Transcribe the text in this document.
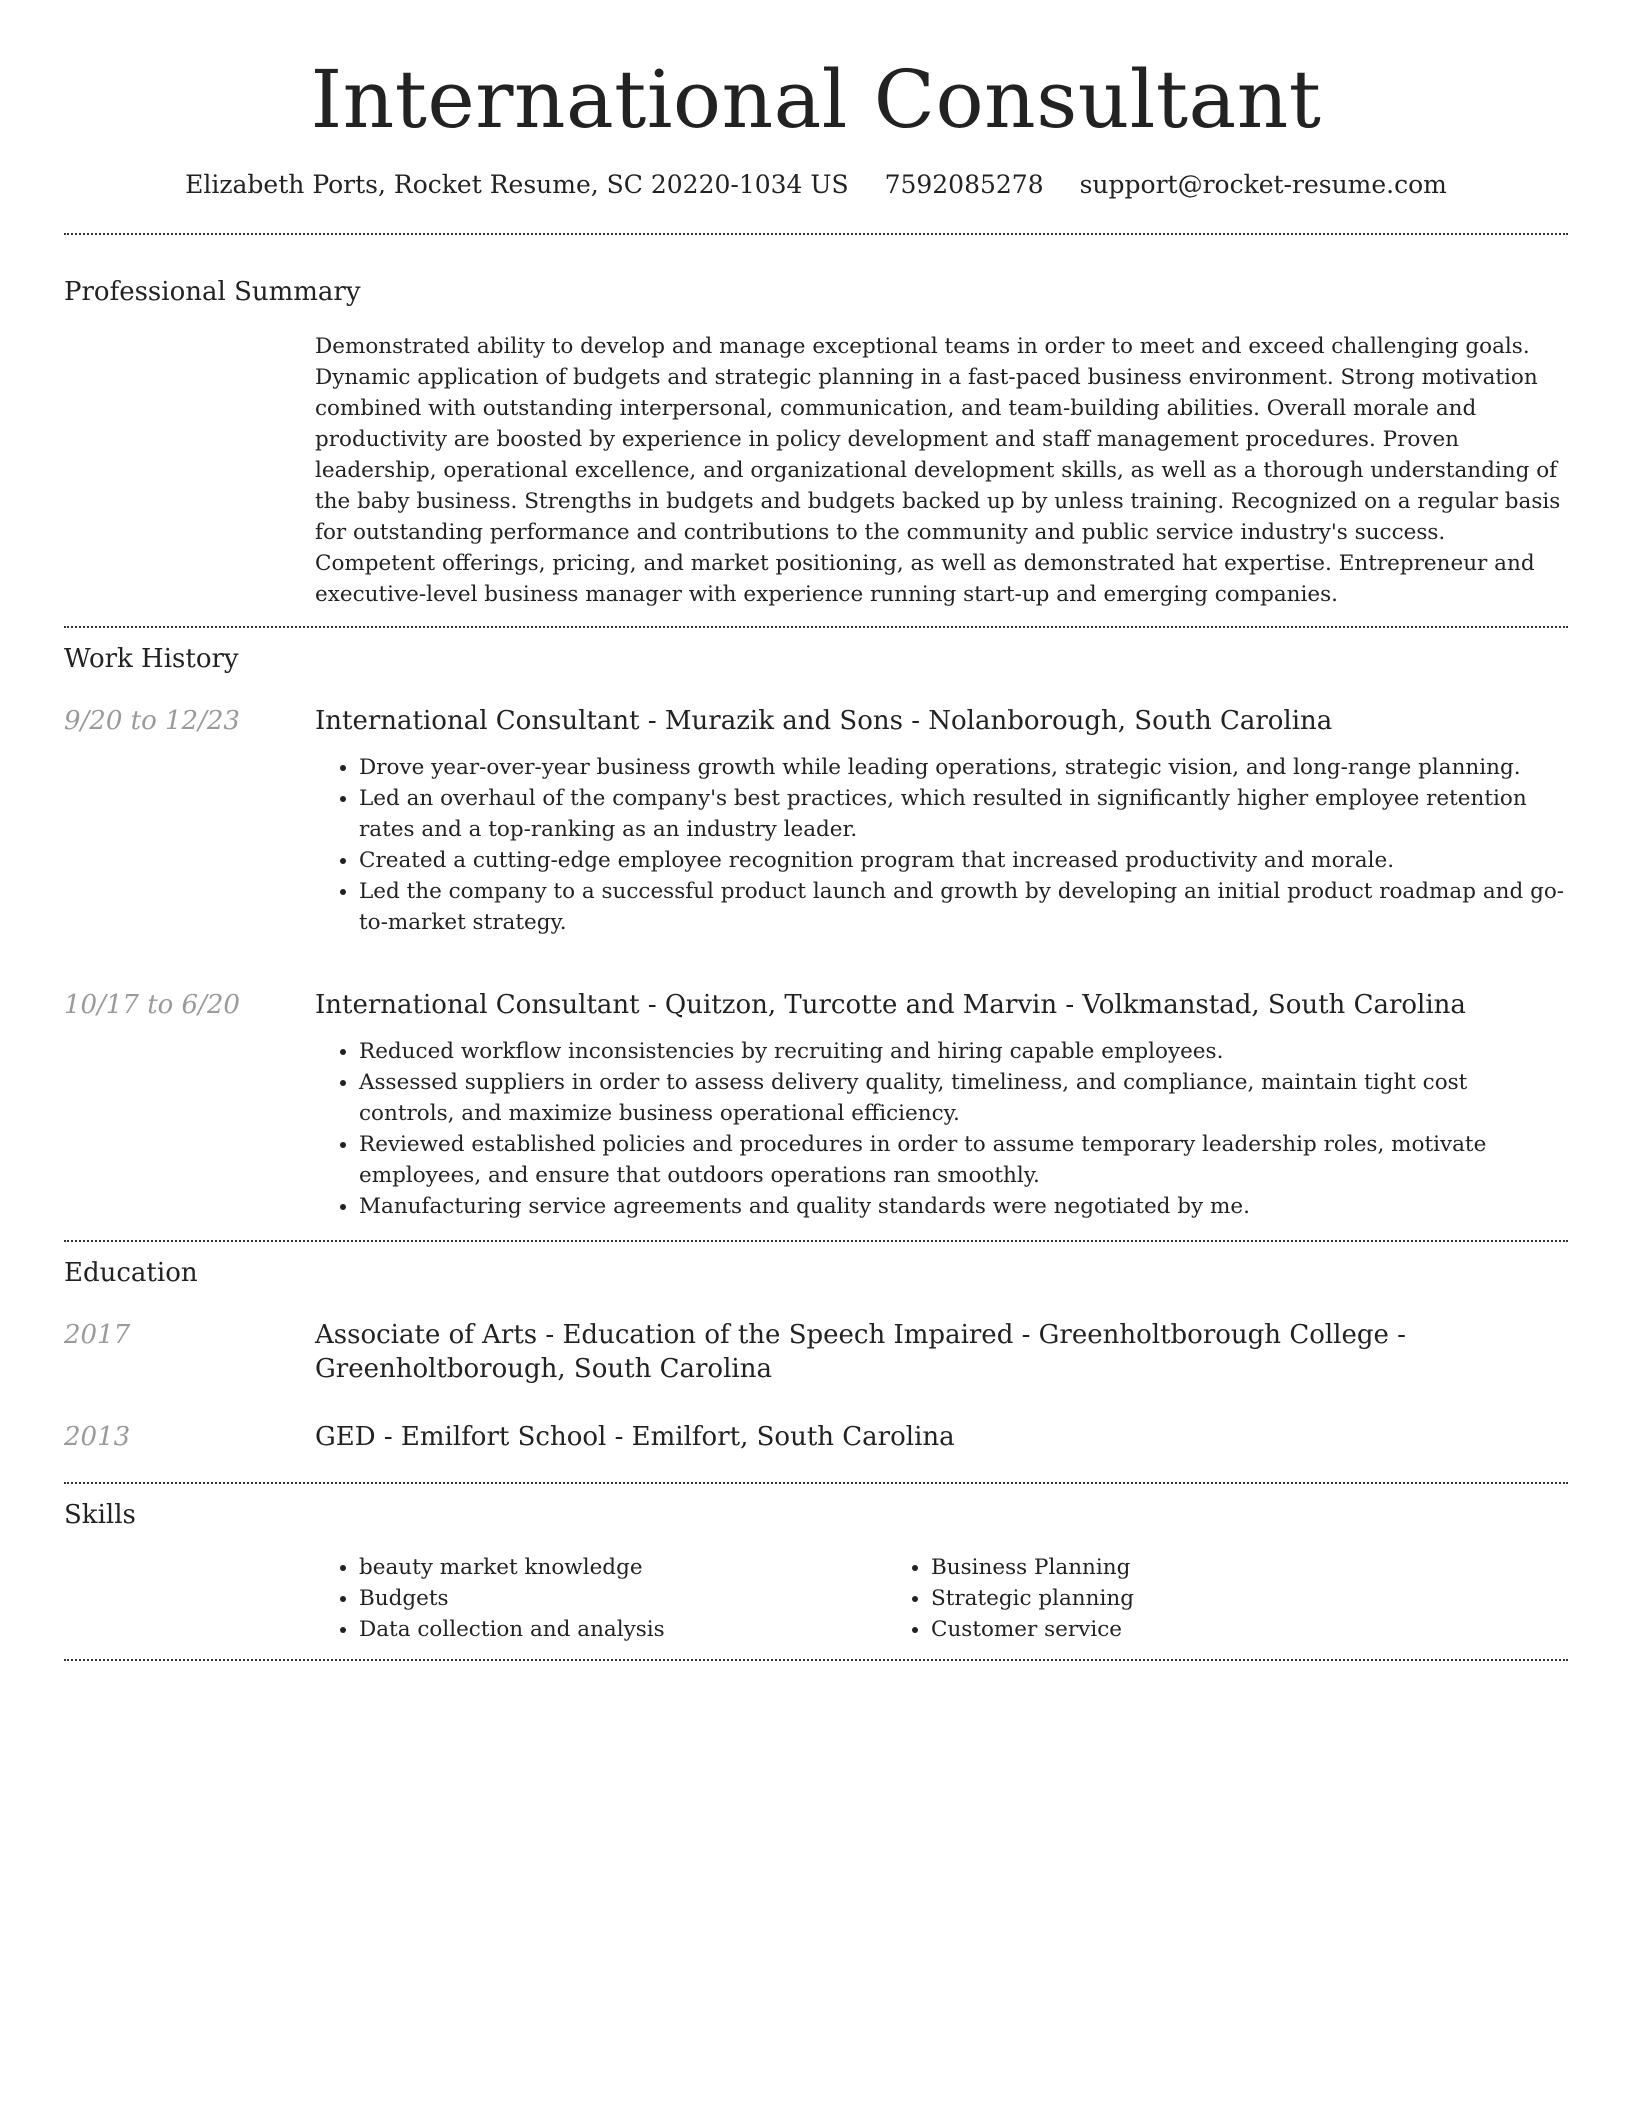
International Consultant
Elizabeth Ports, Rocket Resume, SC 20220-1034 US 7592085278 support@rocket-resume.com
Professional Summary

Demonstrated ability to develop and manage exceptional teams in order to meet and exceed challenging goals. Dynamic application of budgets and strategic planning in a fast-paced business environment. Strong motivation combined with outstanding interpersonal, communication, and team-building abilities. Overall morale and productivity are boosted by experience in policy development and staff management procedures. Proven leadership, operational excellence, and organizational development skills, as well as a thorough understanding of the baby business. Strengths in budgets and budgets backed up by unless training. Recognized on a regular basis for outstanding performance and contributions to the community and public service industry's success. Competent offerings, pricing, and market positioning, as well as demonstrated hat expertise. Entrepreneur and executive-level business manager with experience running start-up and emerging companies.

Work History
9/20 to 12/23	International Consultant - Murazik and Sons - Nolanborough, South Carolina
• Drove year-over-year business growth while leading operations, strategic vision, and long-range planning.
• Led an overhaul of the company's best practices, which resulted in significantly higher employee retention rates and a top-ranking as an industry leader.
• Created a cutting-edge employee recognition program that increased productivity and morale.
• Led the company to a successful product launch and growth by developing an initial product roadmap and go-to-market strategy.
10/17 to 6/20	International Consultant - Quitzon, Turcotte and Marvin - Volkmanstad, South Carolina
• Reduced workflow inconsistencies by recruiting and hiring capable employees.
• Assessed suppliers in order to assess delivery quality, timeliness, and compliance, maintain tight cost controls, and maximize business operational efficiency.
• Reviewed established policies and procedures in order to assume temporary leadership roles, motivate employees, and ensure that outdoors operations ran smoothly.
• Manufacturing service agreements and quality standards were negotiated by me.
Education
2017	Associate of Arts - Education of the Speech Impaired - Greenholtborough College - Greenholtborough, South Carolina
2013	GED - Emilfort School - Emilfort, South Carolina
Skills
• beauty market knowledge
• Budgets
• Data collection and analysis
• Business Planning
• Strategic planning
• Customer service
